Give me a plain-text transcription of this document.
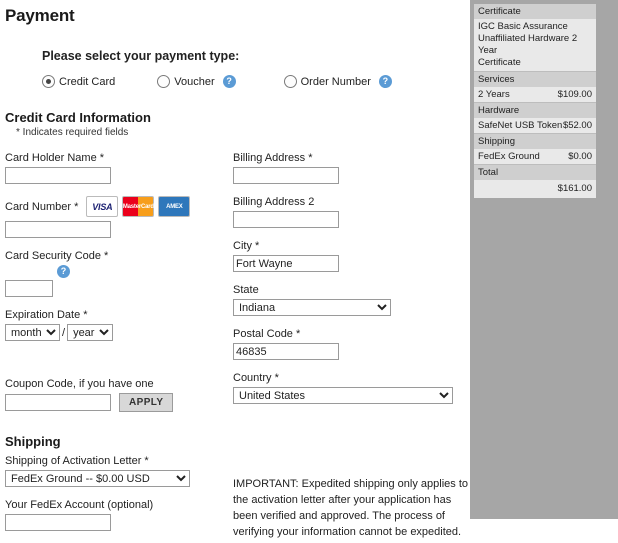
Payment
Please select your payment type:
Credit Card	Voucher	?	Order Number	?
Credit Card Information
* Indicates required fields
Card Holder Name *
Card Number *	VISA	MasterCard	AMEX
Card Security Code *
?
Expiration Date *
month
/
year
Billing Address *
Billing Address 2
City *
Fort Wayne
State
Indiana
Postal Code *
46835
Country *
United States
Coupon Code, if you have one
APPLY
Shipping
Shipping of Activation Letter *
FedEx Ground -- $0.00 USD
Your FedEx Account (optional)
IMPORTANT: Expedited shipping only applies to the activation letter after your application has been verified and approved. The process of verifying your information cannot be expedited.
Certificate
IGC Basic Assurance
Unaffiliated Hardware 2 Year
Certificate
Services
2 Years	$109.00
Hardware
SafeNet USB Token $52.00
Shipping
FedEx Ground	$0.00
Total
$161.00
